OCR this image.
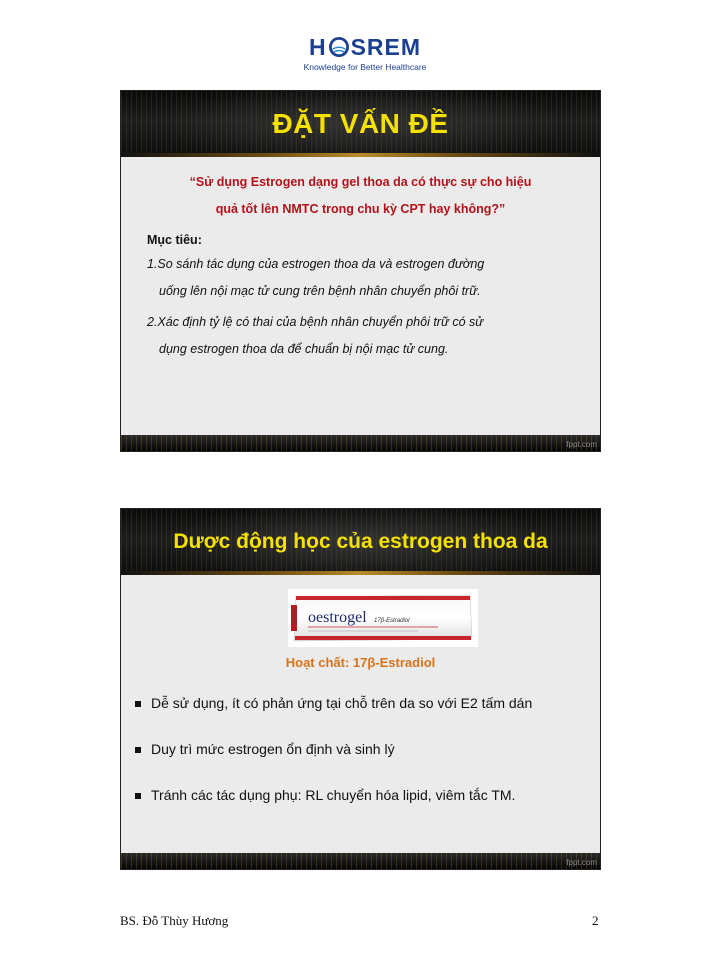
H SREM
Knowledge for Better Healthcare
ĐẶT VẤN ĐỀ
“Sử dụng Estrogen dạng gel thoa da có thực sự cho hiệu
quả tốt lên NMTC trong chu kỳ CPT hay không?”
Mục tiêu:
1.So sánh tác dụng của estrogen thoa da và estrogen đường
uống lên nội mạc tử cung trên bệnh nhân chuyển phôi trữ.
2.Xác định tỷ lệ có thai của bệnh nhân chuyển phôi trữ có sử
dụng estrogen thoa da để chuẩn bị nội mạc tử cung.
fppt.com
Dược động học của estrogen thoa da
oestrogel 17β-Estradiol
Hoạt chất: 17β-Estradiol
Dễ sử dụng, ít có phản ứng tại chỗ trên da so với E2 tấm dán
Duy trì mức estrogen ổn định và sinh lý
Tránh các tác dụng phụ: RL chuyển hóa lipid, viêm tắc TM.
fppt.com
BS. Đỗ Thùy Hương	2
